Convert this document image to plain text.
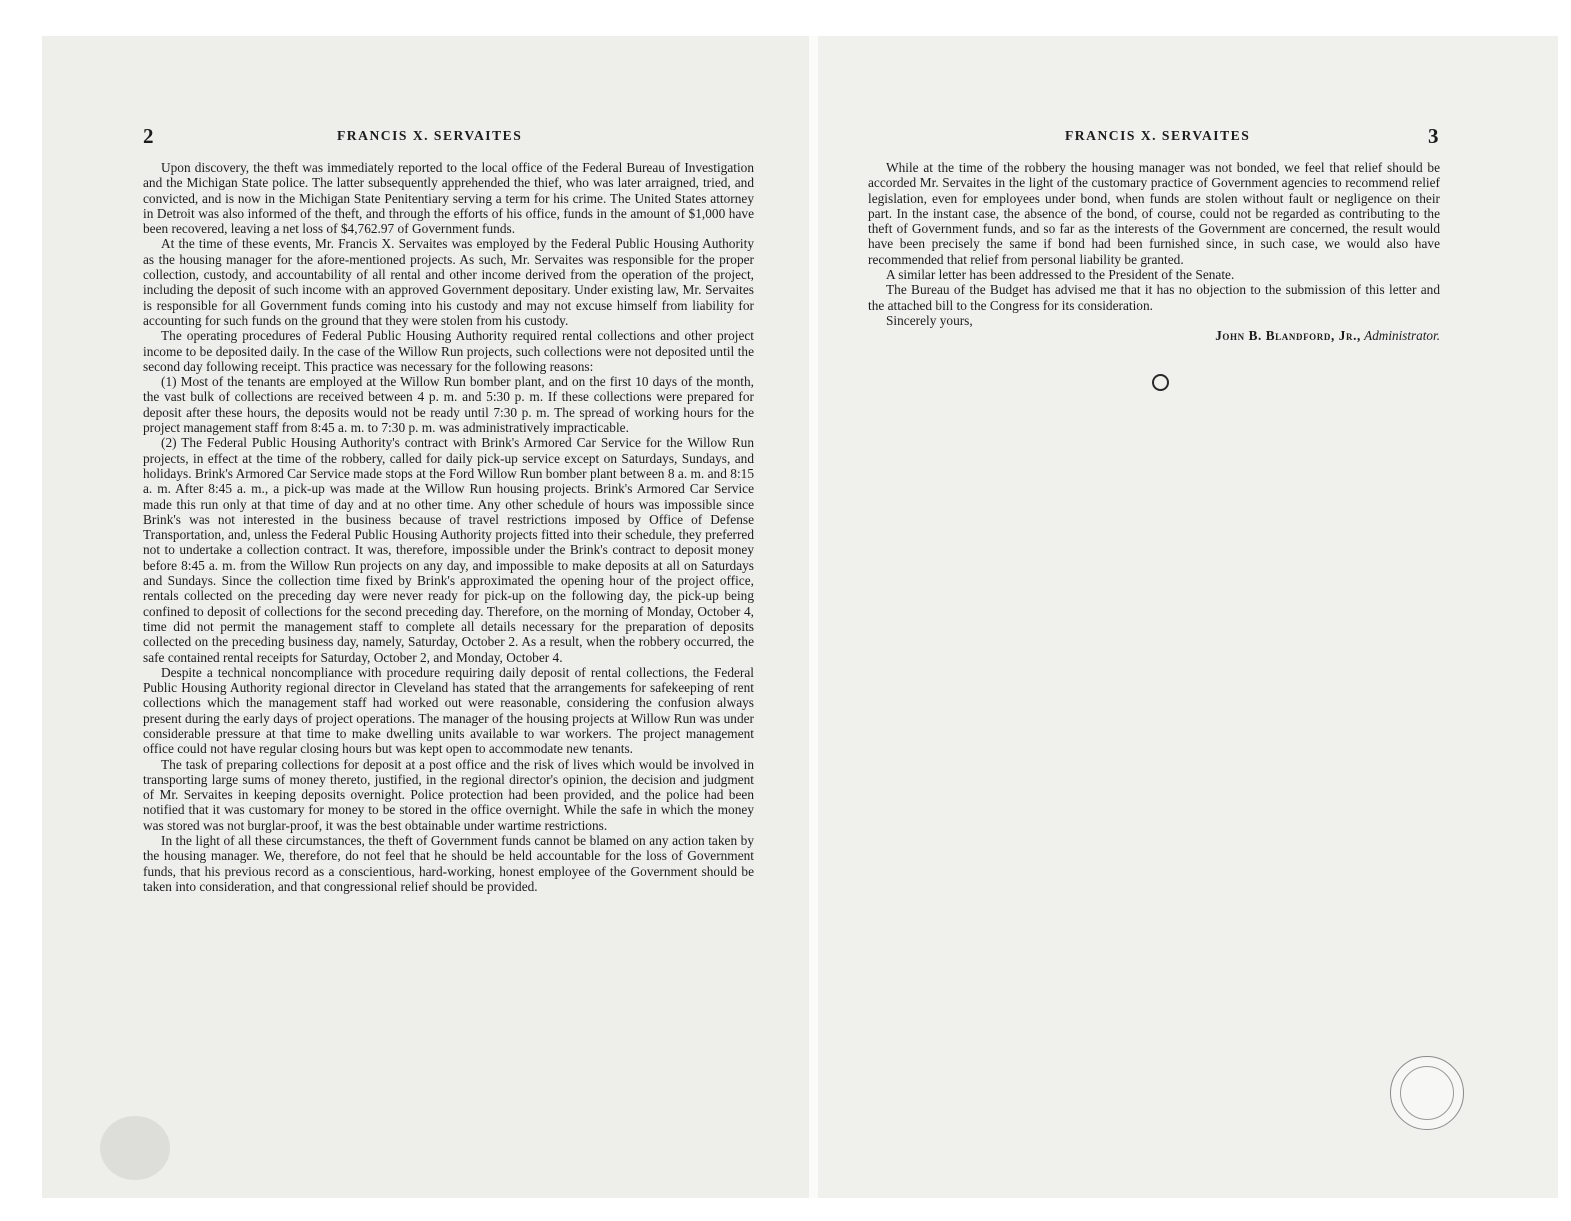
2	FRANCIS X. SERVAITES

Upon discovery, the theft was immediately reported to the local office of the Federal Bureau of Investigation and the Michigan State police. The latter subsequently apprehended the thief, who was later arraigned, tried, and convicted, and is now in the Michigan State Penitentiary serving a term for his crime. The United States attorney in Detroit was also informed of the theft, and through the efforts of his office, funds in the amount of $1,000 have been recovered, leaving a net loss of $4,762.97 of Government funds.

At the time of these events, Mr. Francis X. Servaites was employed by the Federal Public Housing Authority as the housing manager for the afore-mentioned projects. As such, Mr. Servaites was responsible for the proper collection, custody, and accountability of all rental and other income derived from the operation of the project, including the deposit of such income with an approved Government depositary. Under existing law, Mr. Servaites is responsible for all Government funds coming into his custody and may not excuse himself from liability for accounting for such funds on the ground that they were stolen from his custody.

The operating procedures of Federal Public Housing Authority required rental collections and other project income to be deposited daily. In the case of the Willow Run projects, such collections were not deposited until the second day following receipt. This practice was necessary for the following reasons:

(1) Most of the tenants are employed at the Willow Run bomber plant, and on the first 10 days of the month, the vast bulk of collections are received between 4 p. m. and 5:30 p. m. If these collections were prepared for deposit after these hours, the deposits would not be ready until 7:30 p. m. The spread of working hours for the project management staff from 8:45 a. m. to 7:30 p. m. was administratively impracticable.

(2) The Federal Public Housing Authority's contract with Brink's Armored Car Service for the Willow Run projects, in effect at the time of the robbery, called for daily pick-up service except on Saturdays, Sundays, and holidays. Brink's Armored Car Service made stops at the Ford Willow Run bomber plant between 8 a. m. and 8:15 a. m. After 8:45 a. m., a pick-up was made at the Willow Run housing projects. Brink's Armored Car Service made this run only at that time of day and at no other time. Any other schedule of hours was impossible since Brink's was not interested in the business because of travel restrictions imposed by Office of Defense Transportation, and, unless the Federal Public Housing Authority projects fitted into their schedule, they preferred not to undertake a collection contract. It was, therefore, impossible under the Brink's contract to deposit money before 8:45 a. m. from the Willow Run projects on any day, and impossible to make deposits at all on Saturdays and Sundays. Since the collection time fixed by Brink's approximated the opening hour of the project office, rentals collected on the preceding day were never ready for pick-up on the following day, the pick-up being confined to deposit of collections for the second preceding day. Therefore, on the morning of Monday, October 4, time did not permit the management staff to complete all details necessary for the preparation of deposits collected on the preceding business day, namely, Saturday, October 2. As a result, when the robbery occurred, the safe contained rental receipts for Saturday, October 2, and Monday, October 4.

Despite a technical noncompliance with procedure requiring daily deposit of rental collections, the Federal Public Housing Authority regional director in Cleveland has stated that the arrangements for safekeeping of rent collections which the management staff had worked out were reasonable, considering the confusion always present during the early days of project operations. The manager of the housing projects at Willow Run was under considerable pressure at that time to make dwelling units available to war workers. The project management office could not have regular closing hours but was kept open to accommodate new tenants.

The task of preparing collections for deposit at a post office and the risk of lives which would be involved in transporting large sums of money thereto, justified, in the regional director's opinion, the decision and judgment of Mr. Servaites in keeping deposits overnight. Police protection had been provided, and the police had been notified that it was customary for money to be stored in the office overnight. While the safe in which the money was stored was not burglar-proof, it was the best obtainable under wartime restrictions.

In the light of all these circumstances, the theft of Government funds cannot be blamed on any action taken by the housing manager. We, therefore, do not feel that he should be held accountable for the loss of Government funds, that his previous record as a conscientious, hard-working, honest employee of the Government should be taken into consideration, and that congressional relief should be provided.

FRANCIS X. SERVAITES	3

While at the time of the robbery the housing manager was not bonded, we feel that relief should be accorded Mr. Servaites in the light of the customary practice of Government agencies to recommend relief legislation, even for employees under bond, when funds are stolen without fault or negligence on their part. In the instant case, the absence of the bond, of course, could not be regarded as contributing to the theft of Government funds, and so far as the interests of the Government are concerned, the result would have been precisely the same if bond had been furnished since, in such case, we would also have recommended that relief from personal liability be granted.

A similar letter has been addressed to the President of the Senate.

The Bureau of the Budget has advised me that it has no objection to the submission of this letter and the attached bill to the Congress for its consideration.

Sincerely yours,

John B. Blandford, Jr., Administrator.
